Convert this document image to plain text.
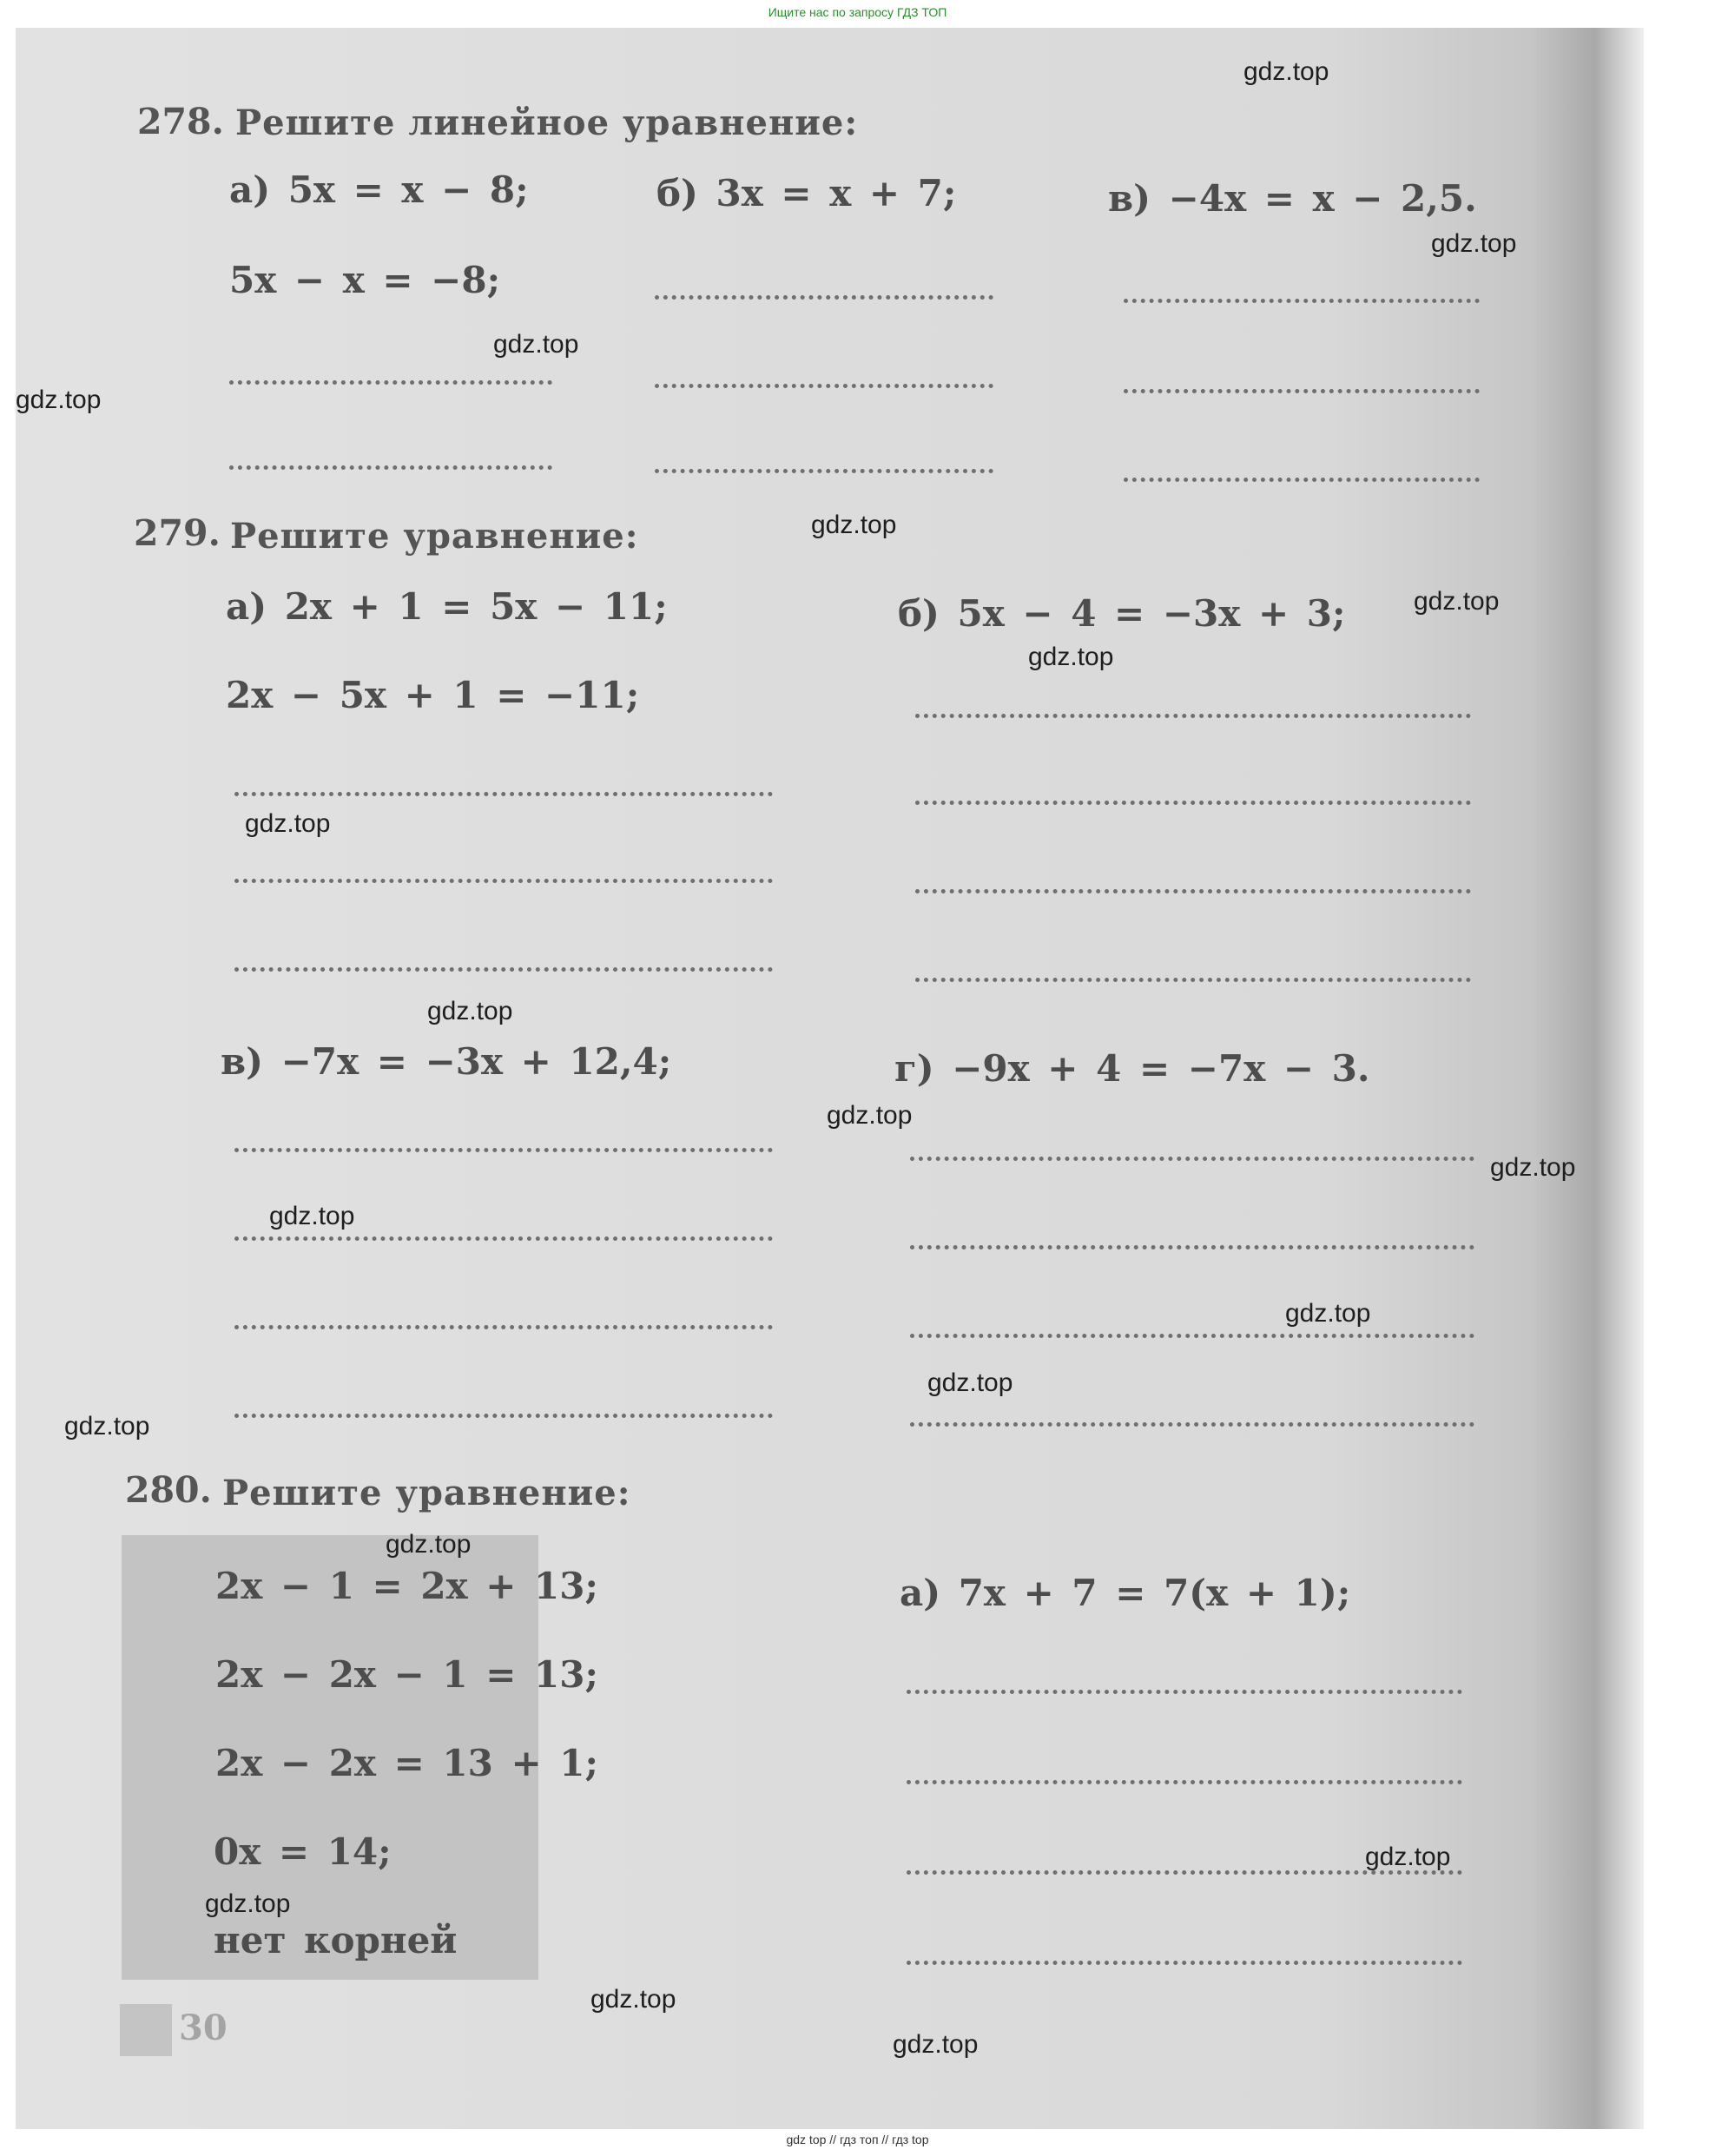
Ищите нас по запросу ГДЗ ТОП
278. Решите линейное уравнение:
а) 5x = x − 8;	б) 3x = x + 7;	в) −4x = x − 2,5.
5x − x = −8;
279. Решите уравнение:
а) 2x + 1 = 5x − 11;	б) 5x − 4 = −3x + 3;
2x − 5x + 1 = −11;
в) −7x = −3x + 12,4;	г) −9x + 4 = −7x − 3.
280. Решите уравнение:
2x − 1 = 2x + 13;
2x − 2x − 1 = 13;
2x − 2x = 13 + 1;
0x = 14;
нет корней
а) 7x + 7 = 7(x + 1);
30
gdz.top
gdz.top
gdz.top
gdz.top
gdz.top
gdz.top
gdz.top
gdz.top
gdz.top
gdz.top
gdz.top
gdz.top
gdz.top
gdz.top
gdz.top
gdz.top
gdz.top
gdz.top
gdz.top
gdz.top
gdz top // гдз топ // гдз top
